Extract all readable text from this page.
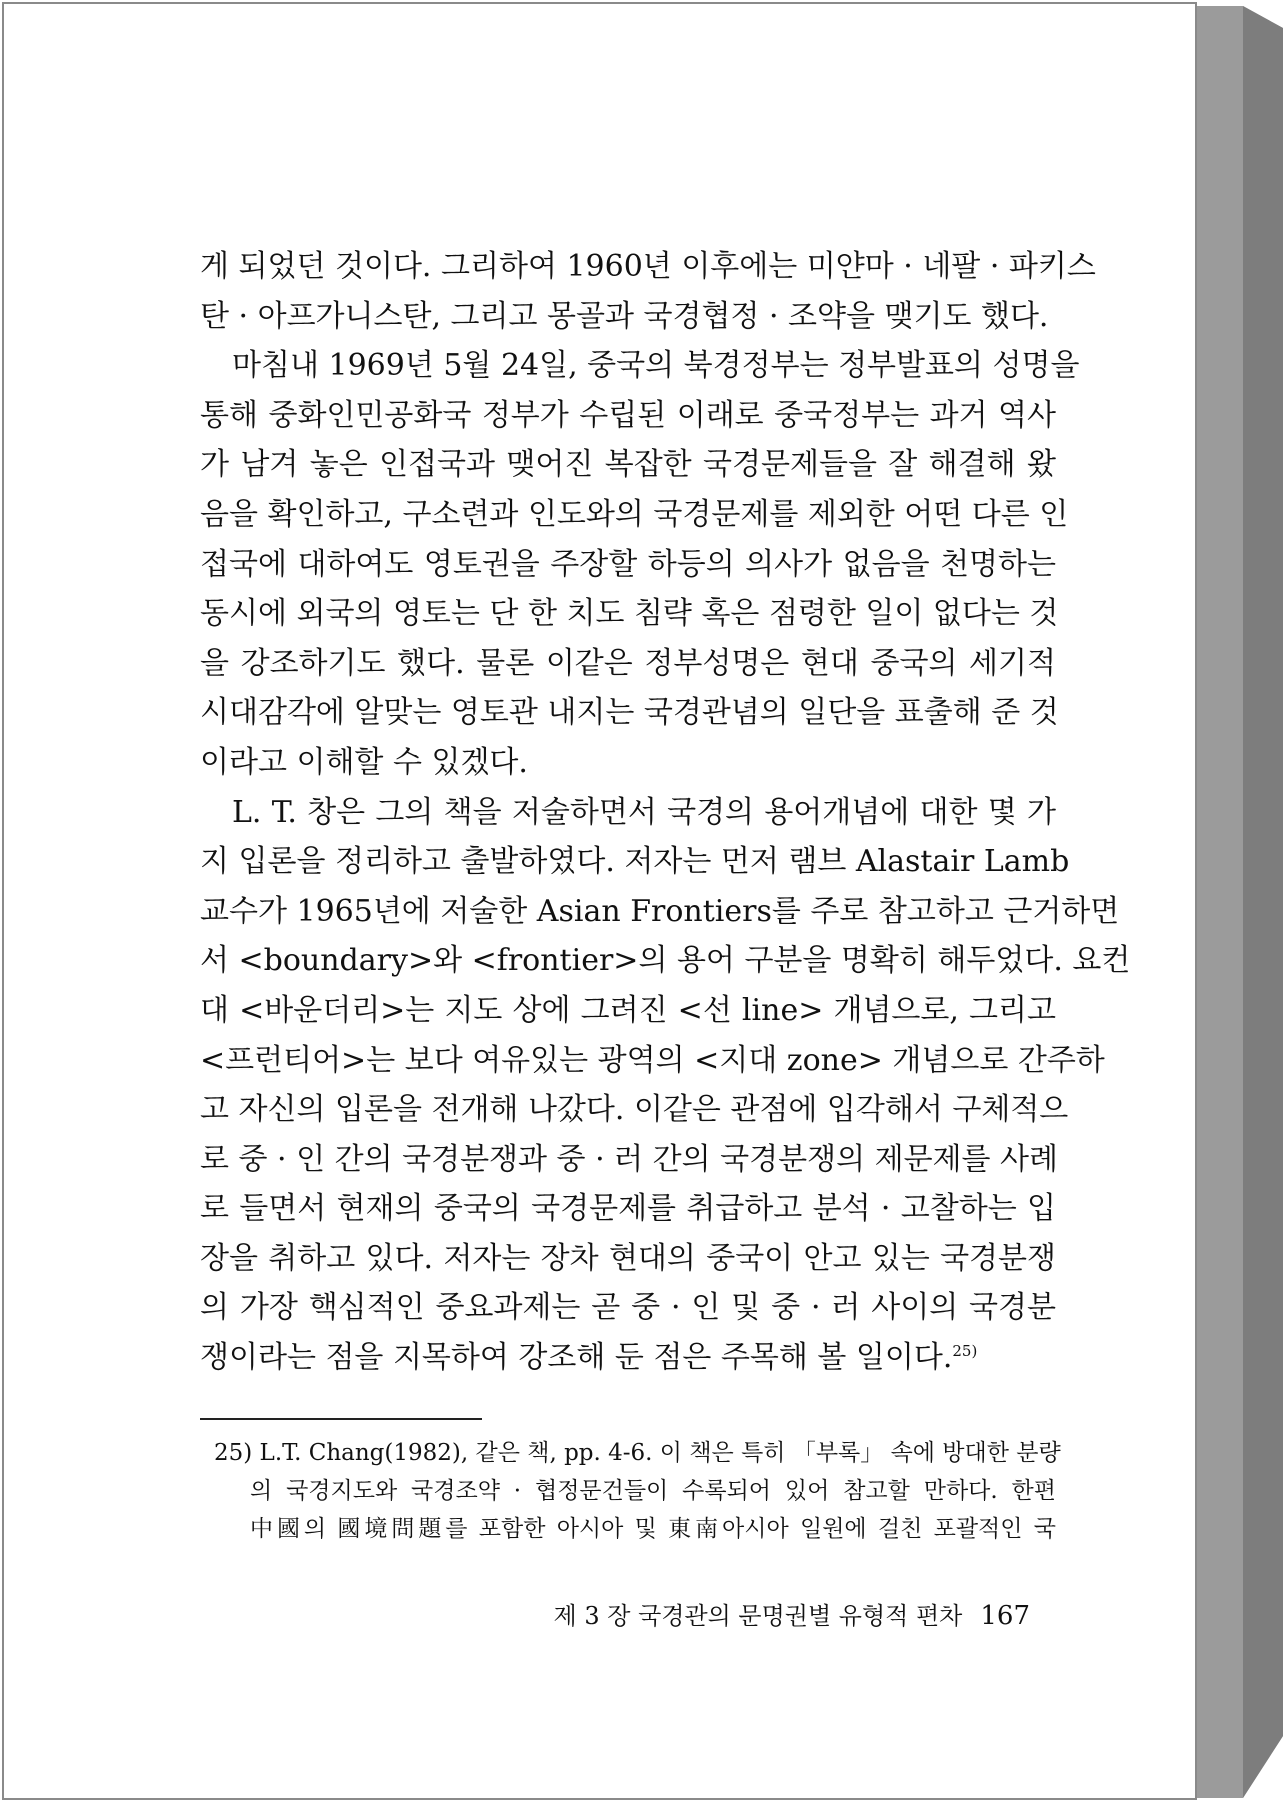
게 되었던 것이다. 그리하여 1960년 이후에는 미얀마 · 네팔 · 파키스
탄 · 아프가니스탄, 그리고 몽골과 국경협정 · 조약을 맺기도 했다.
마침내 1969년 5월 24일, 중국의 북경정부는 정부발표의 성명을
통해 중화인민공화국 정부가 수립된 이래로 중국정부는 과거 역사
가 남겨 놓은 인접국과 맺어진 복잡한 국경문제들을 잘 해결해 왔
음을 확인하고, 구소련과 인도와의 국경문제를 제외한 어떤 다른 인
접국에 대하여도 영토권을 주장할 하등의 의사가 없음을 천명하는
동시에 외국의 영토는 단 한 치도 침략 혹은 점령한 일이 없다는 것
을 강조하기도 했다. 물론 이같은 정부성명은 현대 중국의 세기적
시대감각에 알맞는 영토관 내지는 국경관념의 일단을 표출해 준 것
이라고 이해할 수 있겠다.
L. T. 창은 그의 책을 저술하면서 국경의 용어개념에 대한 몇 가
지 입론을 정리하고 출발하였다. 저자는 먼저 램브 Alastair Lamb
교수가 1965년에 저술한 Asian Frontiers를 주로 참고하고 근거하면
서 <boundary>와 <frontier>의 용어 구분을 명확히 해두었다. 요컨
대 <바운더리>는 지도 상에 그려진 <선 line> 개념으로, 그리고
<프런티어>는 보다 여유있는 광역의 <지대 zone> 개념으로 간주하
고 자신의 입론을 전개해 나갔다. 이같은 관점에 입각해서 구체적으
로 중 · 인 간의 국경분쟁과 중 · 러 간의 국경분쟁의 제문제를 사례
로 들면서 현재의 중국의 국경문제를 취급하고 분석 · 고찰하는 입
장을 취하고 있다. 저자는 장차 현대의 중국이 안고 있는 국경분쟁
의 가장 핵심적인 중요과제는 곧 중 · 인 및 중 · 러 사이의 국경분
쟁이라는 점을 지목하여 강조해 둔 점은 주목해 볼 일이다.$^{25)}$
25) L.T. Chang(1982), 같은 책, pp. 4-6. 이 책은 특히 「부록」 속에 방대한 분량
의 국경지도와 국경조약 · 협정문건들이 수록되어 있어 참고할 만하다. 한편
中國의 國境問題를 포함한 아시아 및 東南아시아 일원에 걸친 포괄적인 국
제 3 장 국경관의 문명권별 유형적 편차 167
